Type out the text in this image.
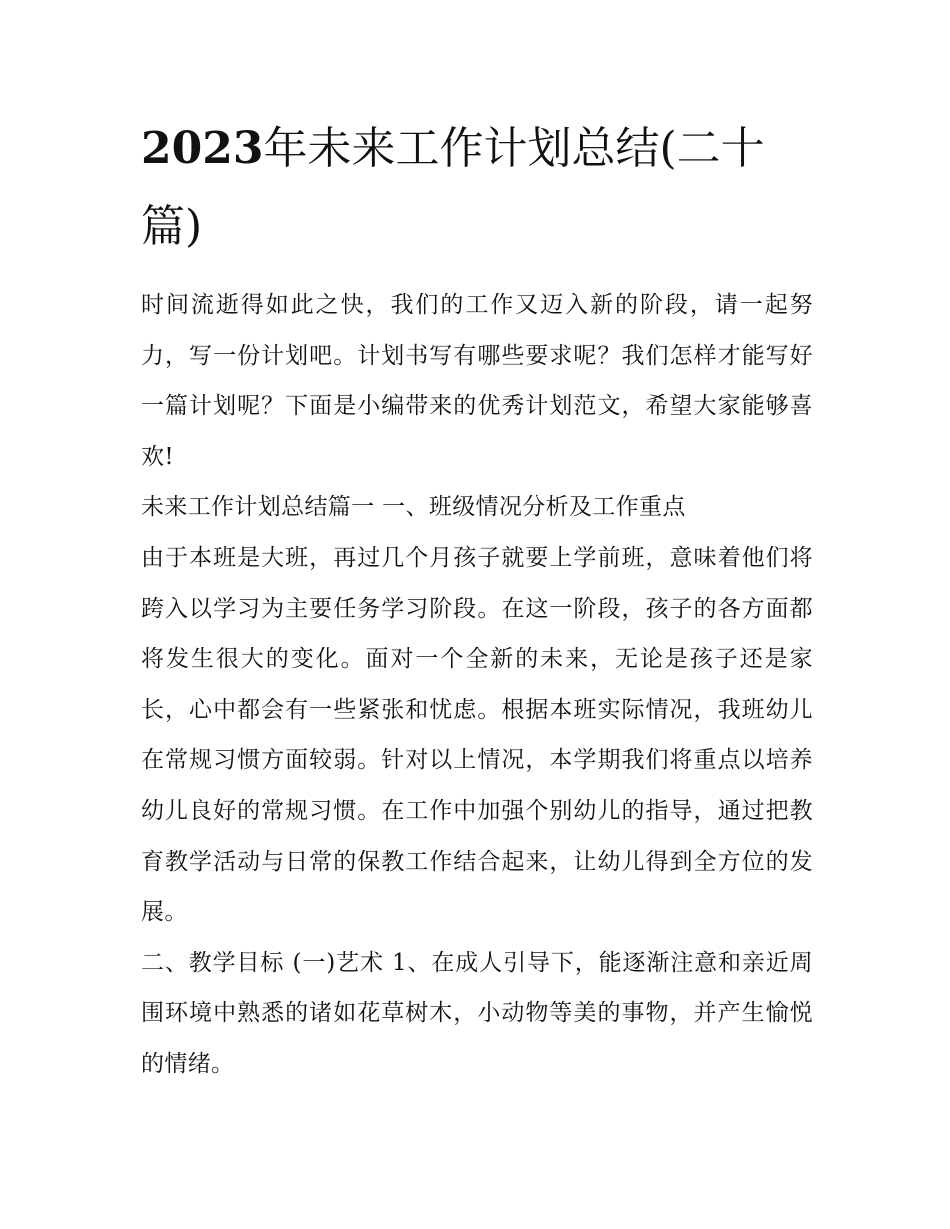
2023年未来工作计划总结(二十篇)

时间流逝得如此之快，我们的工作又迈入新的阶段，请一起努力，写一份计划吧。计划书写有哪些要求呢？我们怎样才能写好一篇计划呢？下面是小编带来的优秀计划范文，希望大家能够喜欢!

未来工作计划总结篇一 一、班级情况分析及工作重点

由于本班是大班，再过几个月孩子就要上学前班，意味着他们将跨入以学习为主要任务学习阶段。在这一阶段，孩子的各方面都将发生很大的变化。面对一个全新的未来，无论是孩子还是家长，心中都会有一些紧张和忧虑。根据本班实际情况，我班幼儿在常规习惯方面较弱。针对以上情况，本学期我们将重点以培养幼儿良好的常规习惯。在工作中加强个别幼儿的指导，通过把教育教学活动与日常的保教工作结合起来，让幼儿得到全方位的发展。

二、教学目标 (一)艺术 1、在成人引导下，能逐渐注意和亲近周围环境中熟悉的诸如花草树木，小动物等美的事物，并产生愉悦的情绪。
